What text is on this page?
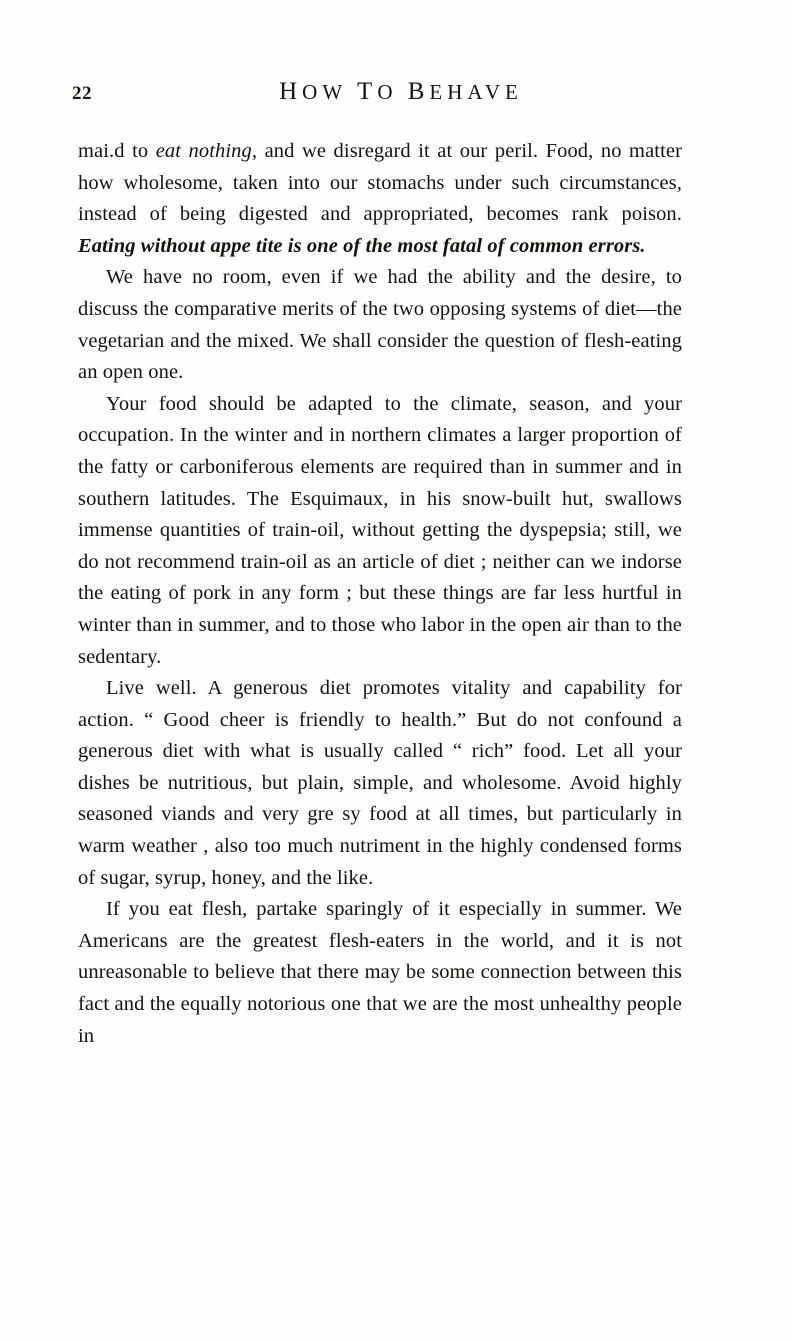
22	HOW TO BEHAVE

mai.d to eat nothing, and we disregard it at our peril. Food, no matter how wholesome, taken into our stomachs under such circumstances, instead of being digested and appropriated, becomes rank poison. Eating without appe tite is one of the most fatal of common errors.

We have no room, even if we had the ability and the desire, to discuss the comparative merits of the two opposing systems of diet—the vegetarian and the mixed. We shall consider the question of flesh-eating an open one.

Your food should be adapted to the climate, season, and your occupation. In the winter and in northern climates a larger proportion of the fatty or carboniferous elements are required than in summer and in southern latitudes. The Esquimaux, in his snow-built hut, swallows immense quantities of train-oil, without getting the dyspepsia; still, we do not recommend train-oil as an article of diet ; neither can we indorse the eating of pork in any form ; but these things are far less hurtful in winter than in summer, and to those who labor in the open air than to the sedentary.

Live well. A generous diet promotes vitality and capability for action. “ Good cheer is friendly to health.” But do not confound a generous diet with what is usually called “ rich” food. Let all your dishes be nutritious, but plain, simple, and wholesome. Avoid highly seasoned viands and very gre sy food at all times, but particularly in warm weather , also too much nutriment in the highly condensed forms of sugar, syrup, honey, and the like.

If you eat flesh, partake sparingly of it especially in summer. We Americans are the greatest flesh-eaters in the world, and it is not unreasonable to believe that there may be some connection between this fact and the equally notorious one that we are the most unhealthy people in
